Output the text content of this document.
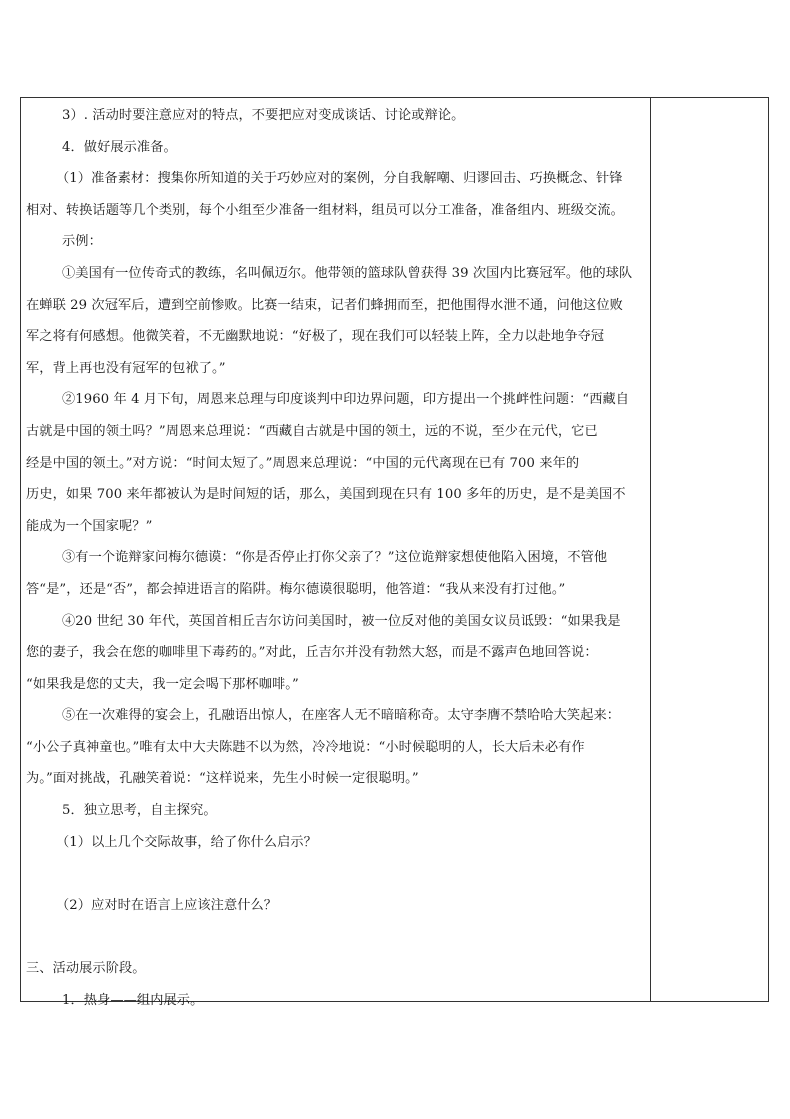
3）. 活动时要注意应对的特点，不要把应对变成谈话、讨论或辩论。

4．做好展示准备。

（1）准备素材：搜集你所知道的关于巧妙应对的案例，分自我解嘲、归谬回击、巧换概念、针锋

相对、转换话题等几个类别，每个小组至少准备一组材料，组员可以分工准备，准备组内、班级交流。

示例：

①美国有一位传奇式的教练，名叫佩迈尔。他带领的篮球队曾获得 39 次国内比赛冠军。他的球队

在蝉联 29 次冠军后，遭到空前惨败。比赛一结束，记者们蜂拥而至，把他围得水泄不通，问他这位败

军之将有何感想。他微笑着，不无幽默地说：“好极了，现在我们可以轻装上阵，全力以赴地争夺冠

军，背上再也没有冠军的包袱了。”

②1960 年 4 月下旬，周恩来总理与印度谈判中印边界问题，印方提出一个挑衅性问题：“西藏自

古就是中国的领土吗？”周恩来总理说：“西藏自古就是中国的领土，远的不说，至少在元代，它已

经是中国的领土。”对方说：“时间太短了。”周恩来总理说：“中国的元代离现在已有 700 来年的

历史，如果 700 来年都被认为是时间短的话，那么，美国到现在只有 100 多年的历史，是不是美国不

能成为一个国家呢？”

③有一个诡辩家问梅尔德谟：“你是否停止打你父亲了？”这位诡辩家想使他陷入困境，不管他

答“是”，还是“否”，都会掉进语言的陷阱。梅尔德谟很聪明，他答道：“我从来没有打过他。”

④20 世纪 30 年代，英国首相丘吉尔访问美国时，被一位反对他的美国女议员诋毁：“如果我是

您的妻子，我会在您的咖啡里下毒药的。”对此，丘吉尔并没有勃然大怒，而是不露声色地回答说：

“如果我是您的丈夫，我一定会喝下那杯咖啡。”

⑤在一次难得的宴会上，孔融语出惊人，在座客人无不暗暗称奇。太守李膺不禁哈哈大笑起来：

“小公子真神童也。”唯有太中大夫陈韪不以为然，冷冷地说：“小时候聪明的人，长大后未必有作

为。”面对挑战，孔融笑着说：“这样说来，先生小时候一定很聪明。”

5．独立思考，自主探究。

（1）以上几个交际故事，给了你什么启示？

（2）应对时在语言上应该注意什么？

三、活动展示阶段。

1．热身——组内展示。
